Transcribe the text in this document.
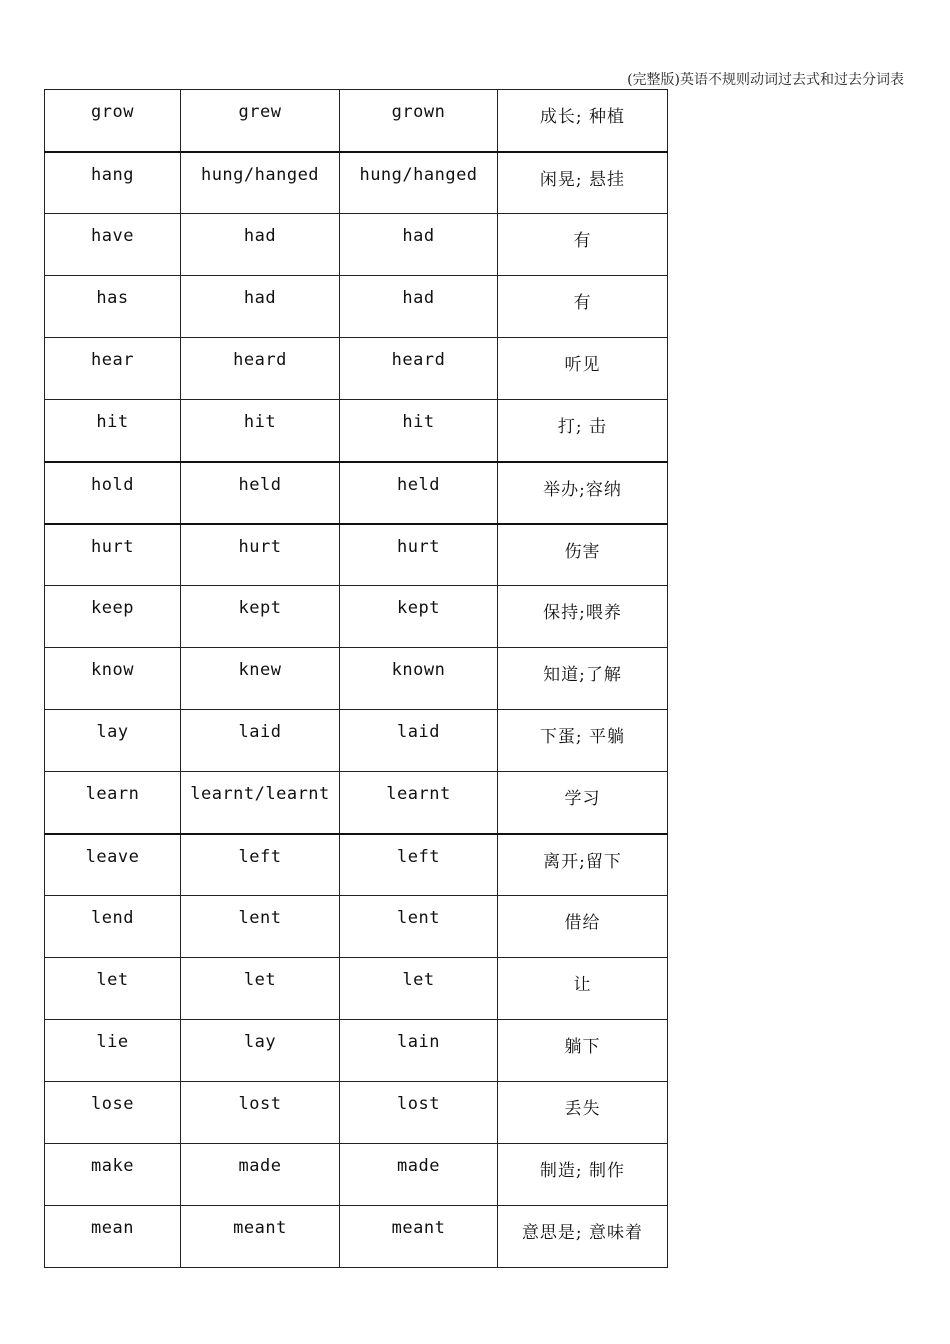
(完整版)英语不规则动词过去式和过去分词表
grow	grew	grown	成长; 种植
hang	hung/hanged	hung/hanged	闲晃; 悬挂
have	had	had	有
has	had	had	有
hear	heard	heard	听见
hit	hit	hit	打; 击
hold	held	held	举办;容纳
hurt	hurt	hurt	伤害
keep	kept	kept	保持;喂养
know	knew	known	知道;了解
lay	laid	laid	下蛋; 平躺
learn	learnt/learnt	learnt	学习
leave	left	left	离开;留下
lend	lent	lent	借给
let	let	let	让
lie	lay	lain	躺下
lose	lost	lost	丢失
make	made	made	制造; 制作
mean	meant	meant	意思是; 意味着
